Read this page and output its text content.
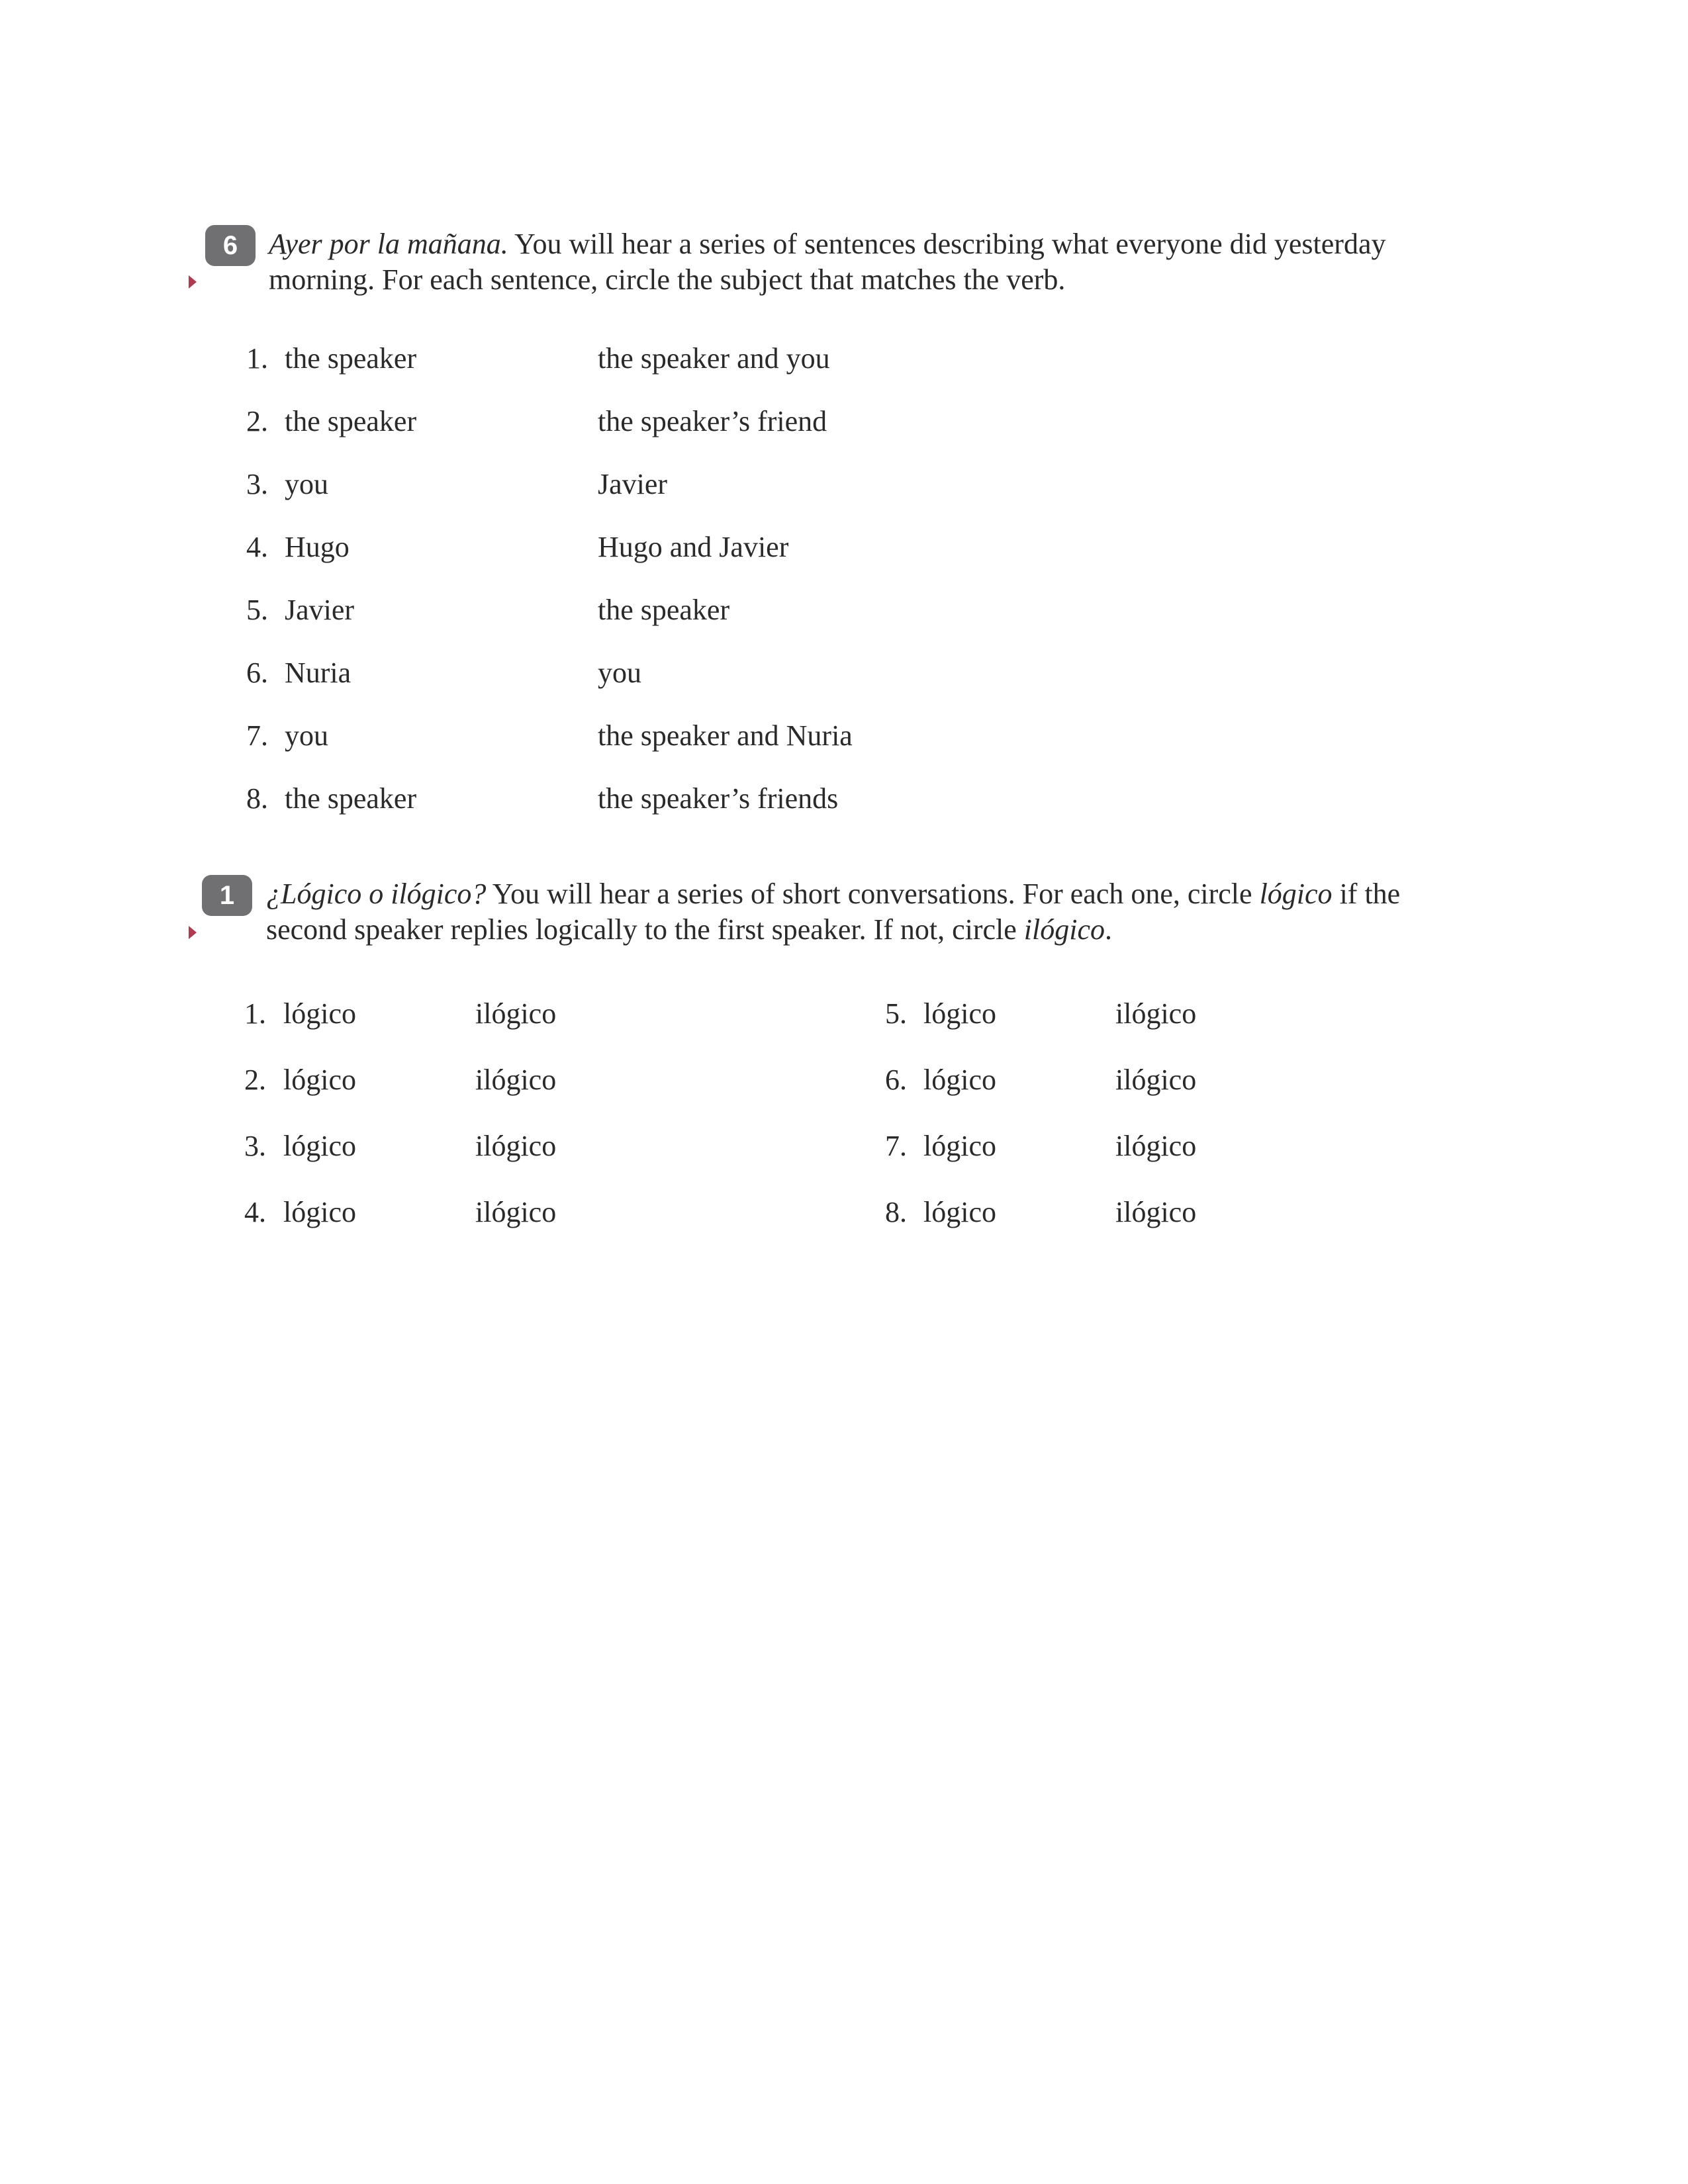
6	Ayer por la mañana. You will hear a series of sentences describing what everyone did yesterday morning. For each sentence, circle the subject that matches the verb.
1. the speaker	the speaker and you
2. the speaker	the speaker’s friend
3. you	Javier
4. Hugo	Hugo and Javier
5. Javier	the speaker
6. Nuria	you
7. you	the speaker and Nuria
8. the speaker	the speaker’s friends
1	¿Lógico o ilógico? You will hear a series of short conversations. For each one, circle lógico if the second speaker replies logically to the first speaker. If not, circle ilógico.
1. lógico	ilógico
2. lógico	ilógico
3. lógico	ilógico
4. lógico	ilógico
5. lógico	ilógico
6. lógico	ilógico
7. lógico	ilógico
8. lógico	ilógico
